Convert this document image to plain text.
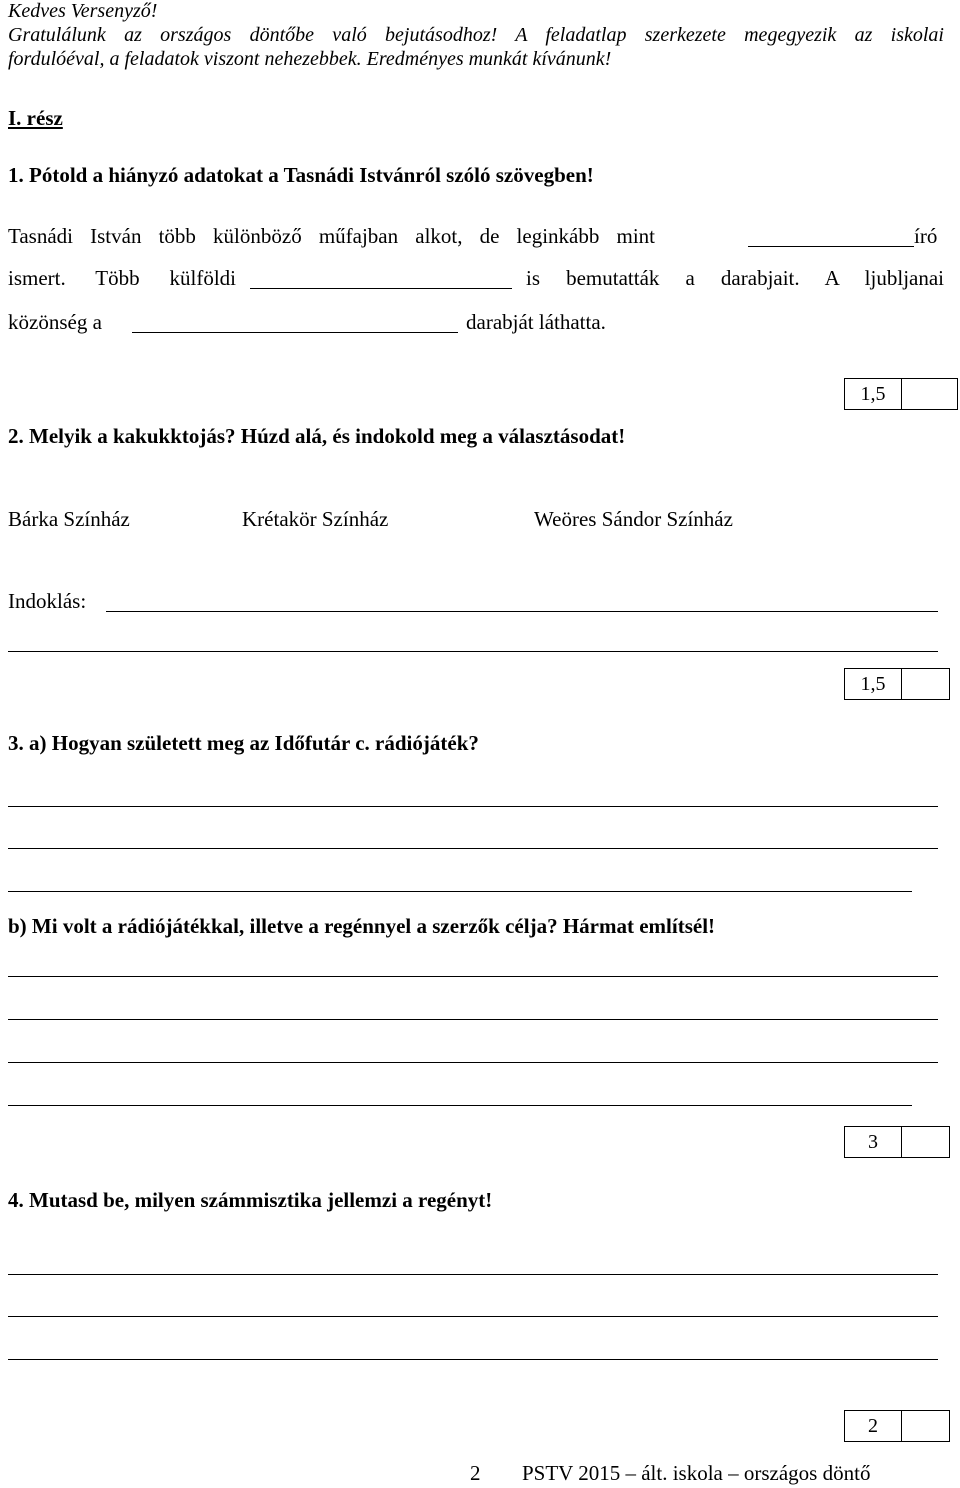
Kedves Versenyző!
Gratulálunk az országos döntőbe való bejutásodhoz! A feladatlap szerkezete megegyezik az iskolai
fordulóéval, a feladatok viszont nehezebbek. Eredményes munkát kívánunk!
I. rész
1. Pótold a hiányzó adatokat a Tasnádi Istvánról szóló szövegben!
Tasnádi István több különböző műfajban alkot, de leginkább mint	író
ismert. Több külföldi	is bemutatták a darabjait. A ljubljanai
közönség a	darabját láthatta.
1,5
2. Melyik a kakukktojás? Húzd alá, és indokold meg a választásodat!
Bárka Színház	Krétakör Színház	Weöres Sándor Színház
Indoklás:
1,5
3. a) Hogyan született meg az Időfutár c. rádiójáték?
b) Mi volt a rádiójátékkal, illetve a regénnyel a szerzők célja? Hármat említsél!
3
4. Mutasd be, milyen számmisztika jellemzi a regényt!
2
2 PSTV 2015 – ált. iskola – országos döntő
